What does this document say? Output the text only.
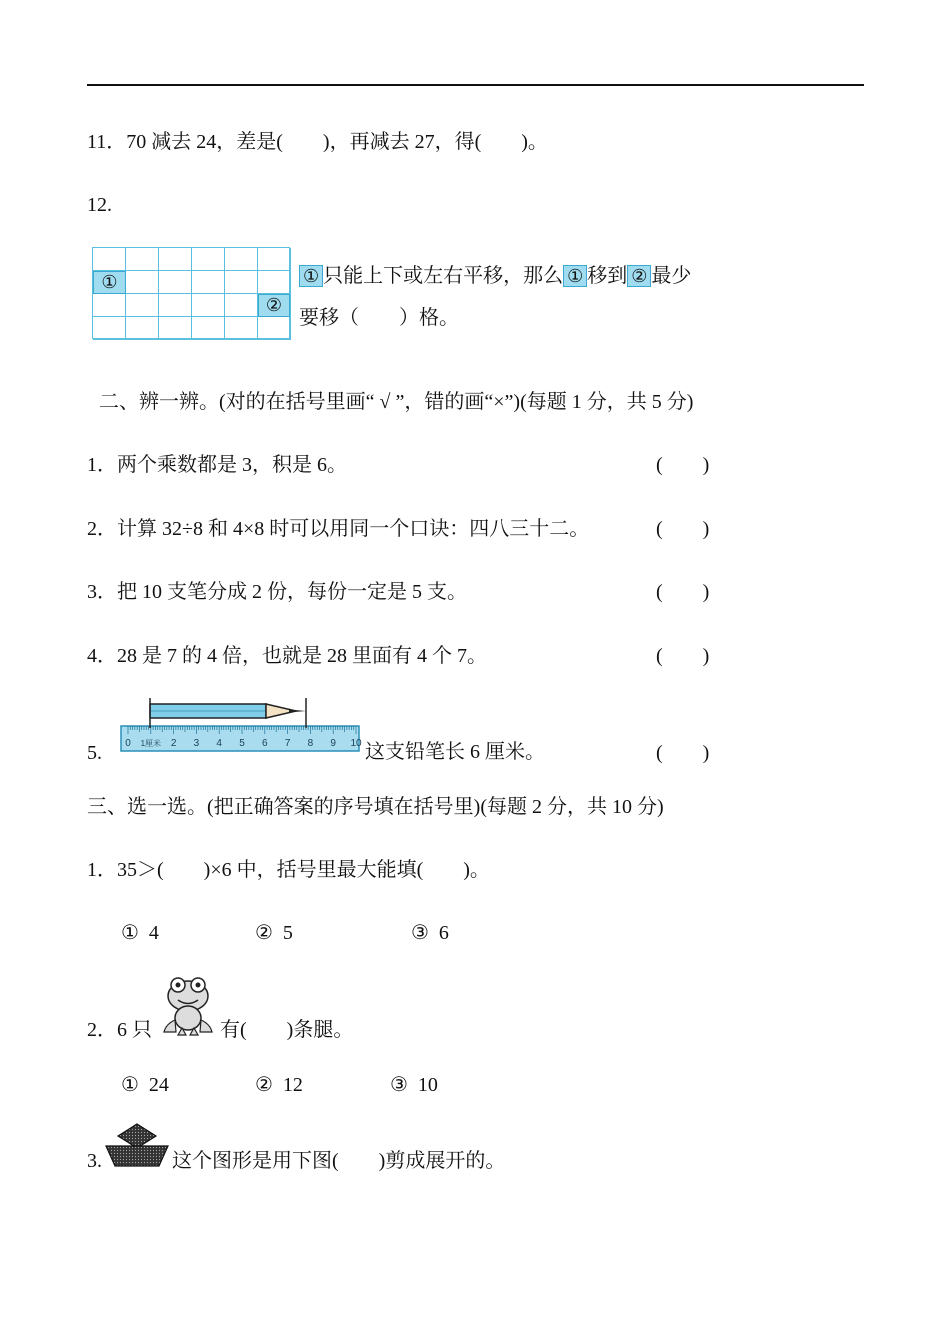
11．70 减去 24，差是(        )，再减去 27，得(        )。
12.
①
②
① 只能上下或左右平移，那么 ① 移到 ② 最少
要移（        ）格。
二、辨一辨。(对的在括号里画“ √ ”，错的画“×”)(每题 1 分，共 5 分)
1．两个乘数都是 3，积是 6。	(        )
2．计算 32÷8 和 4×8 时可以用同一个口诀：四八三十二。	(        )
3．把 10 支笔分成 2 份，每份一定是 5 支。	(        )
4．28 是 7 的 4 倍，也就是 28 里面有 4 个 7。	(        )
5. 0 1厘米 2 3 4 5 6 7 8 9 10 这支铅笔长 6 厘米。	(        )
三、选一选。(把正确答案的序号填在括号里)(每题 2 分，共 10 分)
1．35＞(        )×6 中，括号里最大能填(        )。
①  4	②  5	③  6
2．6 只	有(        )条腿。
①  24	②  12	③  10
3.	这个图形是用下图(        )剪成展开的。
